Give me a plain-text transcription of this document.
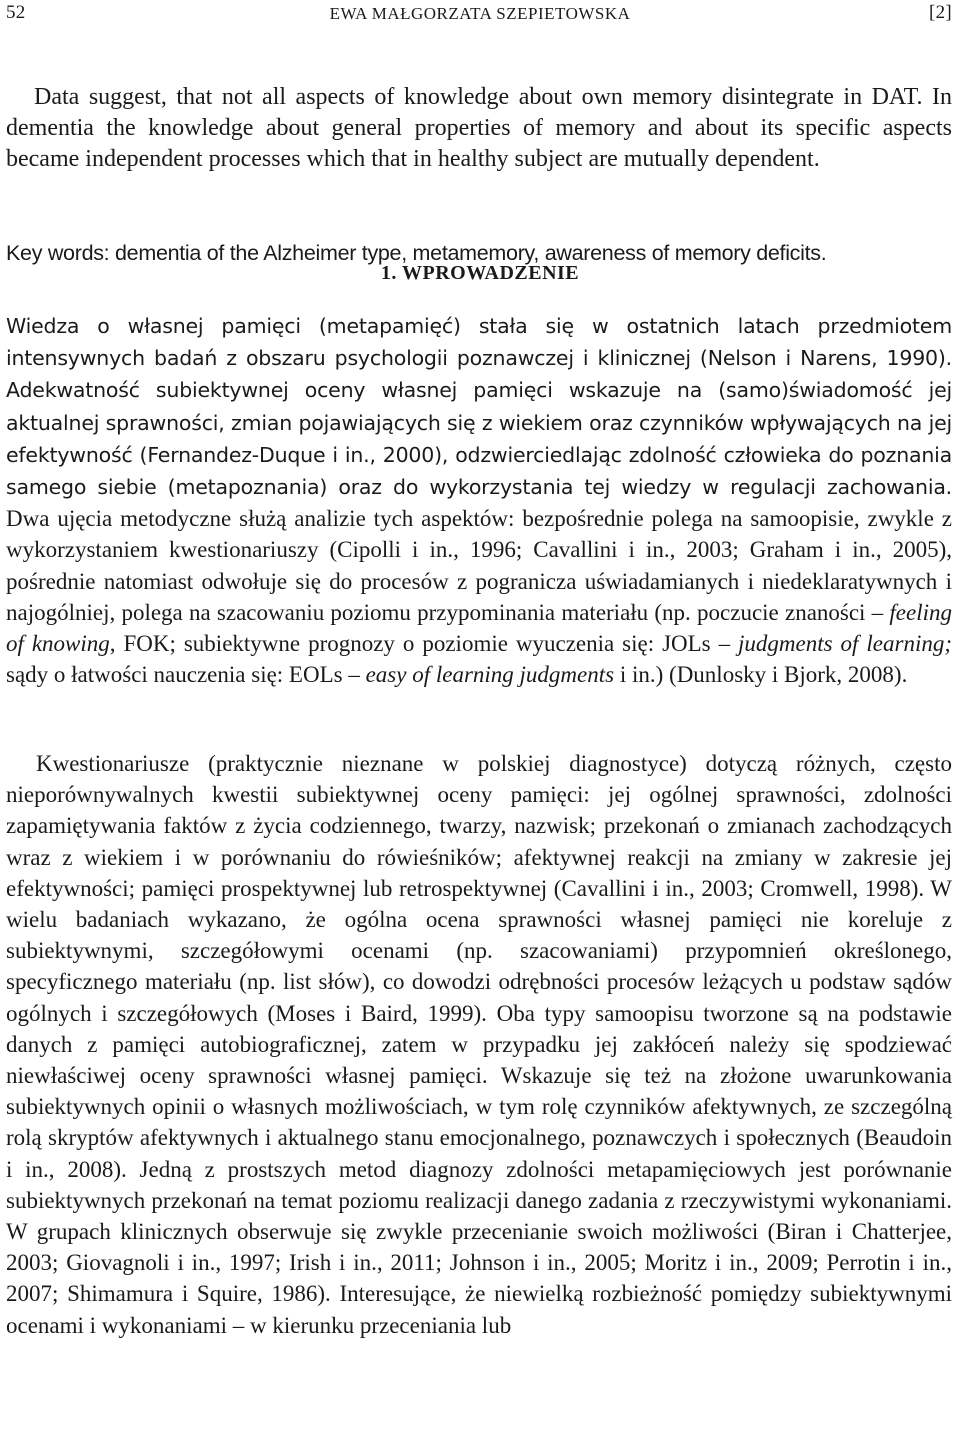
52	EWA MAŁGORZATA SZEPIETOWSKA	[2]

Data suggest, that not all aspects of knowledge about own memory disintegrate in DAT. In dementia the knowledge about general properties of memory and about its specific aspects became independent processes which that in healthy subject are mutually dependent.

Key words: dementia of the Alzheimer type, metamemory, awareness of memory deficits.

1. WPROWADZENIE

Wiedza o własnej pamięci (metapamięć) stała się w ostatnich latach przedmiotem intensywnych badań z obszaru psychologii poznawczej i klinicznej (Nelson i Narens, 1990). Adekwatność subiektywnej oceny własnej pamięci wskazuje na (samo)świadomość jej aktualnej sprawności, zmian pojawiających się z wiekiem oraz czynników wpływających na jej efektywność (Fernandez-Duque i in., 2000), odzwierciedlając zdolność człowieka do poznania samego siebie (metapoznania) oraz do wykorzystania tej wiedzy w regulacji zachowania. Dwa ujęcia metodyczne służą analizie tych aspektów: bezpośrednie polega na samoopisie, zwykle z wykorzystaniem kwestionariuszy (Cipolli i in., 1996; Cavallini i in., 2003; Graham i in., 2005), pośrednie natomiast odwołuje się do procesów z pogranicza uświadamianych i niedeklaratywnych i najogólniej, polega na szacowaniu poziomu przypominania materiału (np. poczucie znaności – feeling of knowing, FOK; subiektywne prognozy o poziomie wyuczenia się: JOLs – judgments of learning; sądy o łatwości nauczenia się: EOLs – easy of learning judgments i in.) (Dunlosky i Bjork, 2008).

Kwestionariusze (praktycznie nieznane w polskiej diagnostyce) dotyczą różnych, często nieporównywalnych kwestii subiektywnej oceny pamięci: jej ogólnej sprawności, zdolności zapamiętywania faktów z życia codziennego, twarzy, nazwisk; przekonań o zmianach zachodzących wraz z wiekiem i w porównaniu do rówieśników; afektywnej reakcji na zmiany w zakresie jej efektywności; pamięci prospektywnej lub retrospektywnej (Cavallini i in., 2003; Cromwell, 1998). W wielu badaniach wykazano, że ogólna ocena sprawności własnej pamięci nie koreluje z subiektywnymi, szczegółowymi ocenami (np. szacowaniami) przypomnień określonego, specyficznego materiału (np. list słów), co dowodzi odrębności procesów leżących u podstaw sądów ogólnych i szczegółowych (Moses i Baird, 1999). Oba typy samoopisu tworzone są na podstawie danych z pamięci autobiograficznej, zatem w przypadku jej zakłóceń należy się spodziewać niewłaściwej oceny sprawności własnej pamięci. Wskazuje się też na złożone uwarunkowania subiektywnych opinii o własnych możliwościach, w tym rolę czynników afektywnych, ze szczególną rolą skryptów afektywnych i aktualnego stanu emocjonalnego, poznawczych i społecznych (Beaudoin i in., 2008). Jedną z prostszych metod diagnozy zdolności metapamięciowych jest porównanie subiektywnych przekonań na temat poziomu realizacji danego zadania z rzeczywistymi wykonaniami. W grupach klinicznych obserwuje się zwykle przecenianie swoich możliwości (Biran i Chatterjee, 2003; Giovagnoli i in., 1997; Irish i in., 2011; Johnson i in., 2005; Moritz i in., 2009; Perrotin i in., 2007; Shimamura i Squire, 1986). Interesujące, że niewielką rozbieżność pomiędzy subiektywnymi ocenami i wykonaniami – w kierunku przeceniania lub
